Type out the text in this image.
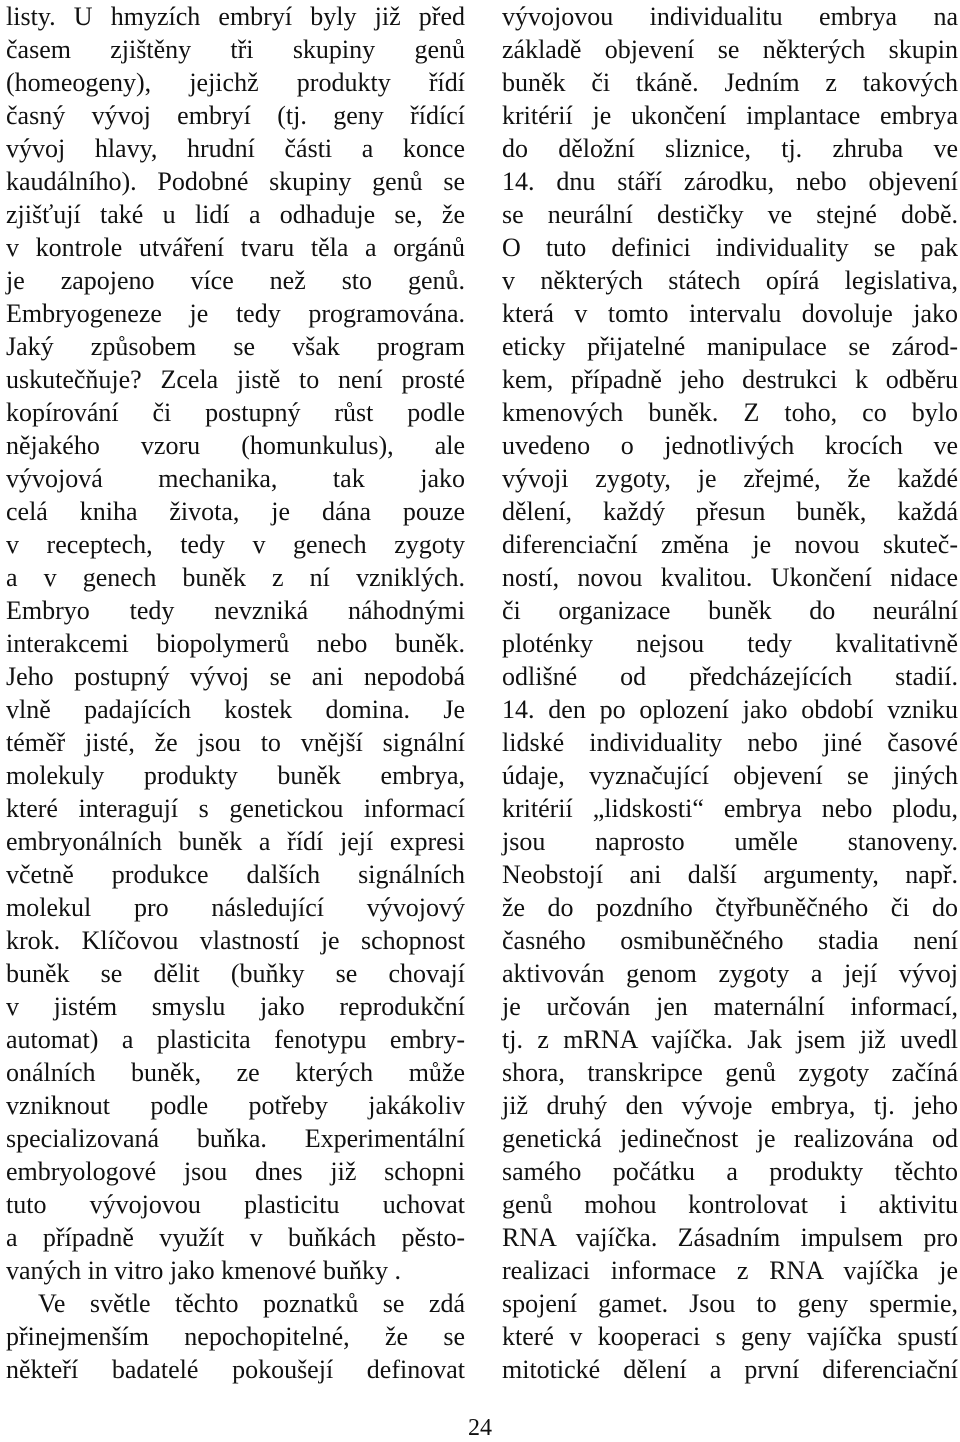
listy. U hmyzích embryí byly již před
časem zjištěny tři skupiny genů
(homeogeny), jejichž produkty řídí
časný vývoj embryí (tj. geny řídící
vývoj hlavy, hrudní části a konce
kaudálního). Podobné skupiny genů se
zjišťují také u lidí a odhaduje se, že
v kontrole utváření tvaru těla a orgánů
je zapojeno více než sto genů.
Embryogeneze je tedy programována.
Jaký způsobem se však program
uskutečňuje? Zcela jistě to není prosté
kopírování či postupný růst podle
nějakého vzoru (homunkulus), ale
vývojová mechanika, tak jako
celá kniha života, je dána pouze
v receptech, tedy v genech zygoty
a v genech buněk z ní vzniklých.
Embryo tedy nevzniká náhodnými
interakcemi biopolymerů nebo buněk.
Jeho postupný vývoj se ani nepodobá
vlně padajících kostek domina. Je
téměř jisté, že jsou to vnější signální
molekuly produkty buněk embrya,
které interagují s genetickou informací
embryonálních buněk a řídí její expresi
včetně produkce dalších signálních
molekul pro následující vývojový
krok. Klíčovou vlastností je schopnost
buněk se dělit (buňky se chovají
v jistém smyslu jako reprodukční
automat) a plasticita fenotypu embry-
onálních buněk, ze kterých může
vzniknout podle potřeby jakákoliv
specializovaná buňka. Experimentální
embryologové jsou dnes již schopni
tuto vývojovou plasticitu uchovat
a případně využít v buňkách pěsto-
vaných in vitro jako kmenové buňky .
Ve světle těchto poznatků se zdá
přinejmenším nepochopitelné, že se
někteří badatelé pokoušejí definovat
vývojovou individualitu embrya na
základě objevení se některých skupin
buněk či tkáně. Jedním z takových
kritérií je ukončení implantace embrya
do děložní sliznice, tj. zhruba ve
14. dnu stáří zárodku, nebo objevení
se neurální destičky ve stejné době.
O tuto definici individuality se pak
v některých státech opírá legislativa,
která v tomto intervalu dovoluje jako
eticky přijatelné manipulace se zárod-
kem, případně jeho destrukci k odběru
kmenových buněk. Z toho, co bylo
uvedeno o jednotlivých krocích ve
vývoji zygoty, je zřejmé, že každé
dělení, každý přesun buněk, každá
diferenciační změna je novou skuteč-
ností, novou kvalitou. Ukončení nidace
či organizace buněk do neurální
ploténky nejsou tedy kvalitativně
odlišné od předcházejících stadií.
14. den po oplození jako období vzniku
lidské individuality nebo jiné časové
údaje, vyznačující objevení se jiných
kritérií „lidskosti“ embrya nebo plodu,
jsou naprosto uměle stanoveny.
Neobstojí ani další argumenty, např.
že do pozdního čtyřbuněčného či do
časného osmibuněčného stadia není
aktivován genom zygoty a její vývoj
je určován jen maternální informací,
tj. z mRNA vajíčka. Jak jsem již uvedl
shora, transkripce genů zygoty začíná
již druhý den vývoje embrya, tj. jeho
genetická jedinečnost je realizována od
samého počátku a produkty těchto
genů mohou kontrolovat i aktivitu
RNA vajíčka. Zásadním impulsem pro
realizaci informace z RNA vajíčka je
spojení gamet. Jsou to geny spermie,
které v kooperaci s geny vajíčka spustí
mitotické dělení a první diferenciační
24
